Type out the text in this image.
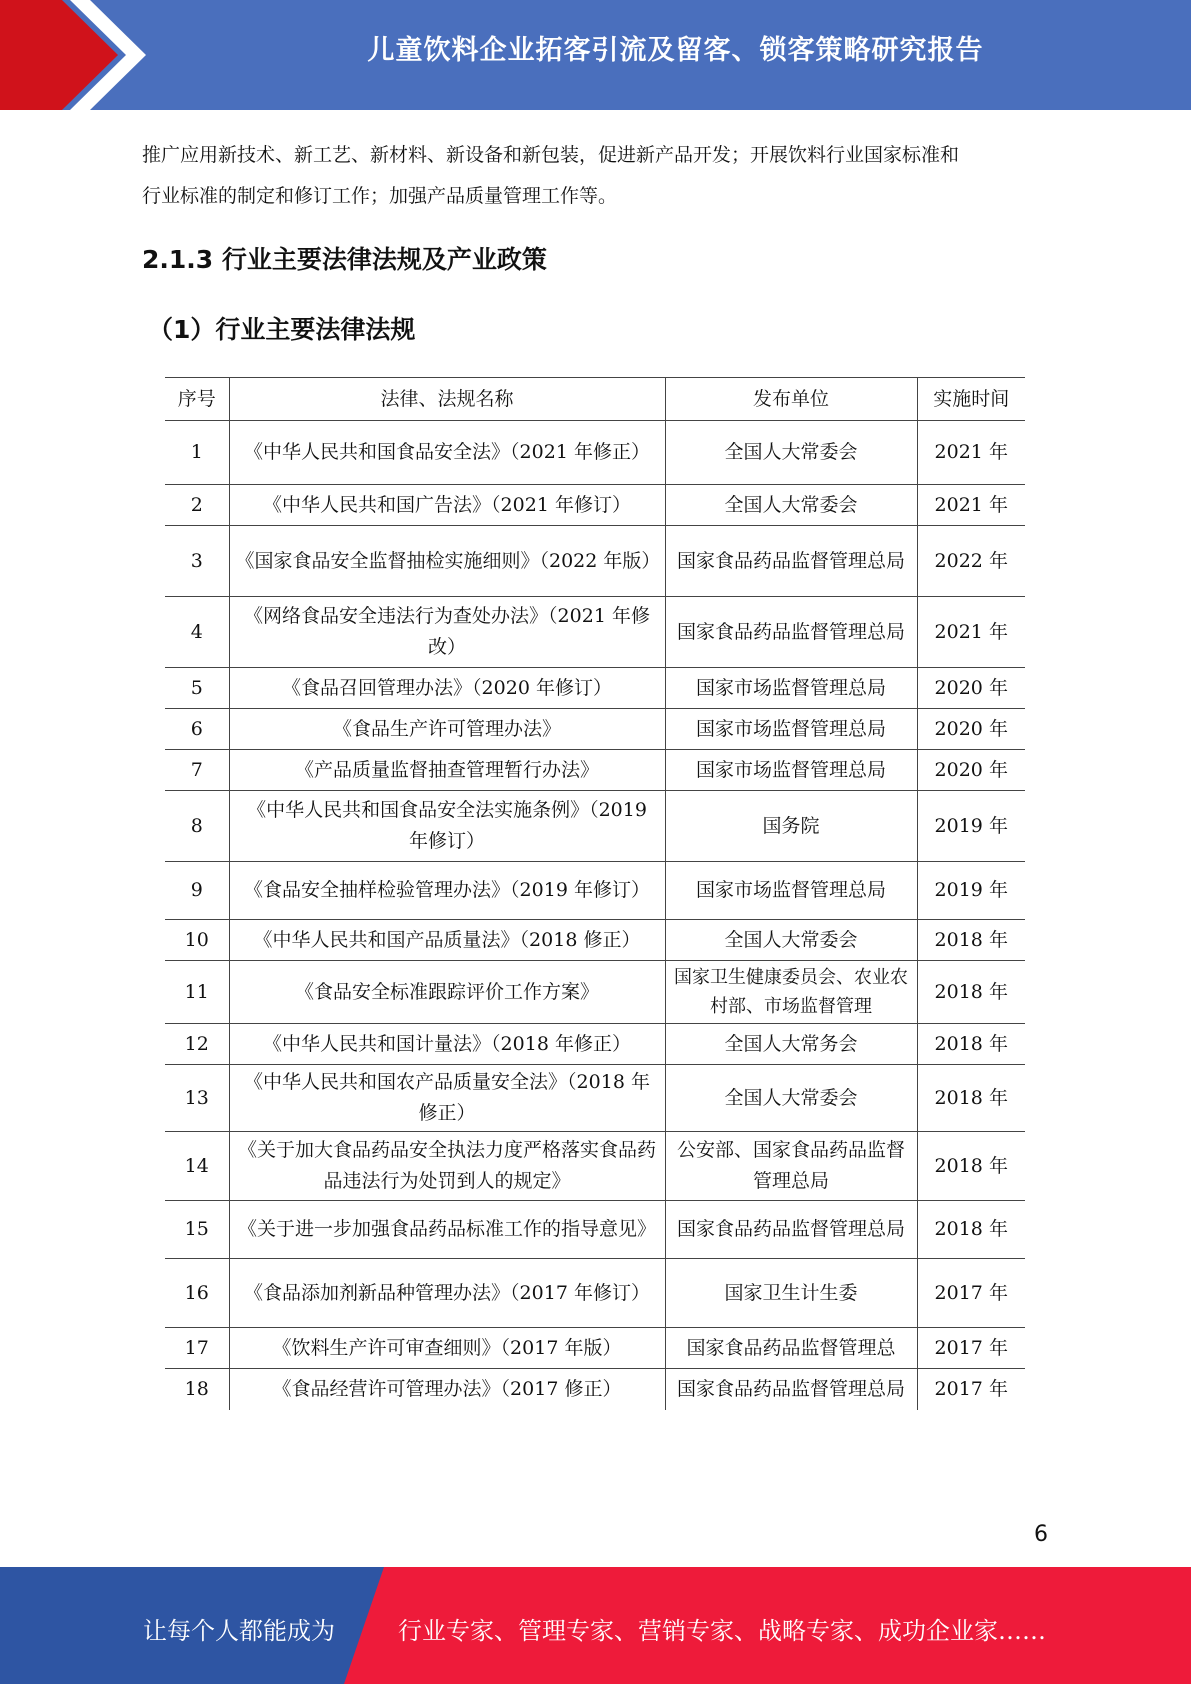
儿童饮料企业拓客引流及留客、锁客策略研究报告
推广应用新技术、新工艺、新材料、新设备和新包装，促进新产品开发；开展饮料行业国家标准和
行业标准的制定和修订工作；加强产品质量管理工作等。
2.1.3 行业主要法律法规及产业政策
（1）行业主要法律法规
序号	法律、法规名称	发布单位	实施时间
1	《中华人民共和国食品安全法》（2021 年修正）	全国人大常委会	2021 年
2	《中华人民共和国广告法》（2021 年修订）	全国人大常委会	2021 年
3	《国家食品安全监督抽检实施细则》（2022 年版）	国家食品药品监督管理总局	2022 年
4	《网络食品安全违法行为查处办法》（2021 年修改）	国家食品药品监督管理总局	2021 年
5	《食品召回管理办法》（2020 年修订）	国家市场监督管理总局	2020 年
6	《食品生产许可管理办法》	国家市场监督管理总局	2020 年
7	《产品质量监督抽查管理暂行办法》	国家市场监督管理总局	2020 年
8	《中华人民共和国食品安全法实施条例》（2019 年修订）	国务院	2019 年
9	《食品安全抽样检验管理办法》（2019 年修订）	国家市场监督管理总局	2019 年
10	《中华人民共和国产品质量法》（2018 修正）	全国人大常委会	2018 年
11	《食品安全标准跟踪评价工作方案》	国家卫生健康委员会、农业农村部、市场监督管理	2018 年
12	《中华人民共和国计量法》（2018 年修正）	全国人大常务会	2018 年
13	《中华人民共和国农产品质量安全法》（2018 年修正）	全国人大常委会	2018 年
14	《关于加大食品药品安全执法力度严格落实食品药品违法行为处罚到人的规定》	公安部、国家食品药品监督管理总局	2018 年
15	《关于进一步加强食品药品标准工作的指导意见》	国家食品药品监督管理总局	2018 年
16	《食品添加剂新品种管理办法》（2017 年修订）	国家卫生计生委	2017 年
17	《饮料生产许可审查细则》（2017 年版）	国家食品药品监督管理总	2017 年
18	《食品经营许可管理办法》（2017 修正）	国家食品药品监督管理总局	2017 年
6
让每个人都能成为	行业专家、管理专家、营销专家、战略专家、成功企业家……
